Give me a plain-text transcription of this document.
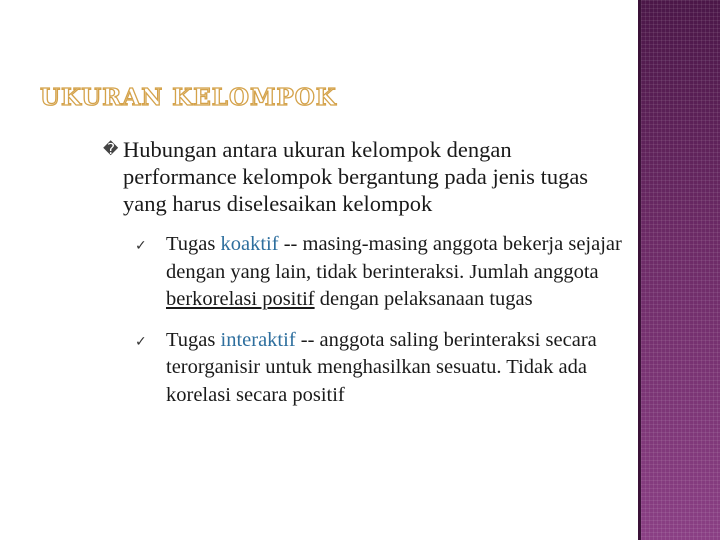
UKURAN KELOMPOK
� Hubungan antara ukuran kelompok dengan performance kelompok bergantung pada jenis tugas yang harus diselesaikan kelompok
✓ Tugas koaktif -- masing-masing anggota bekerja sejajar dengan yang lain, tidak berinteraksi. Jumlah anggota berkorelasi positif dengan pelaksanaan tugas
✓ Tugas interaktif -- anggota saling berinteraksi secara terorganisir untuk menghasilkan sesuatu. Tidak ada korelasi secara positif
